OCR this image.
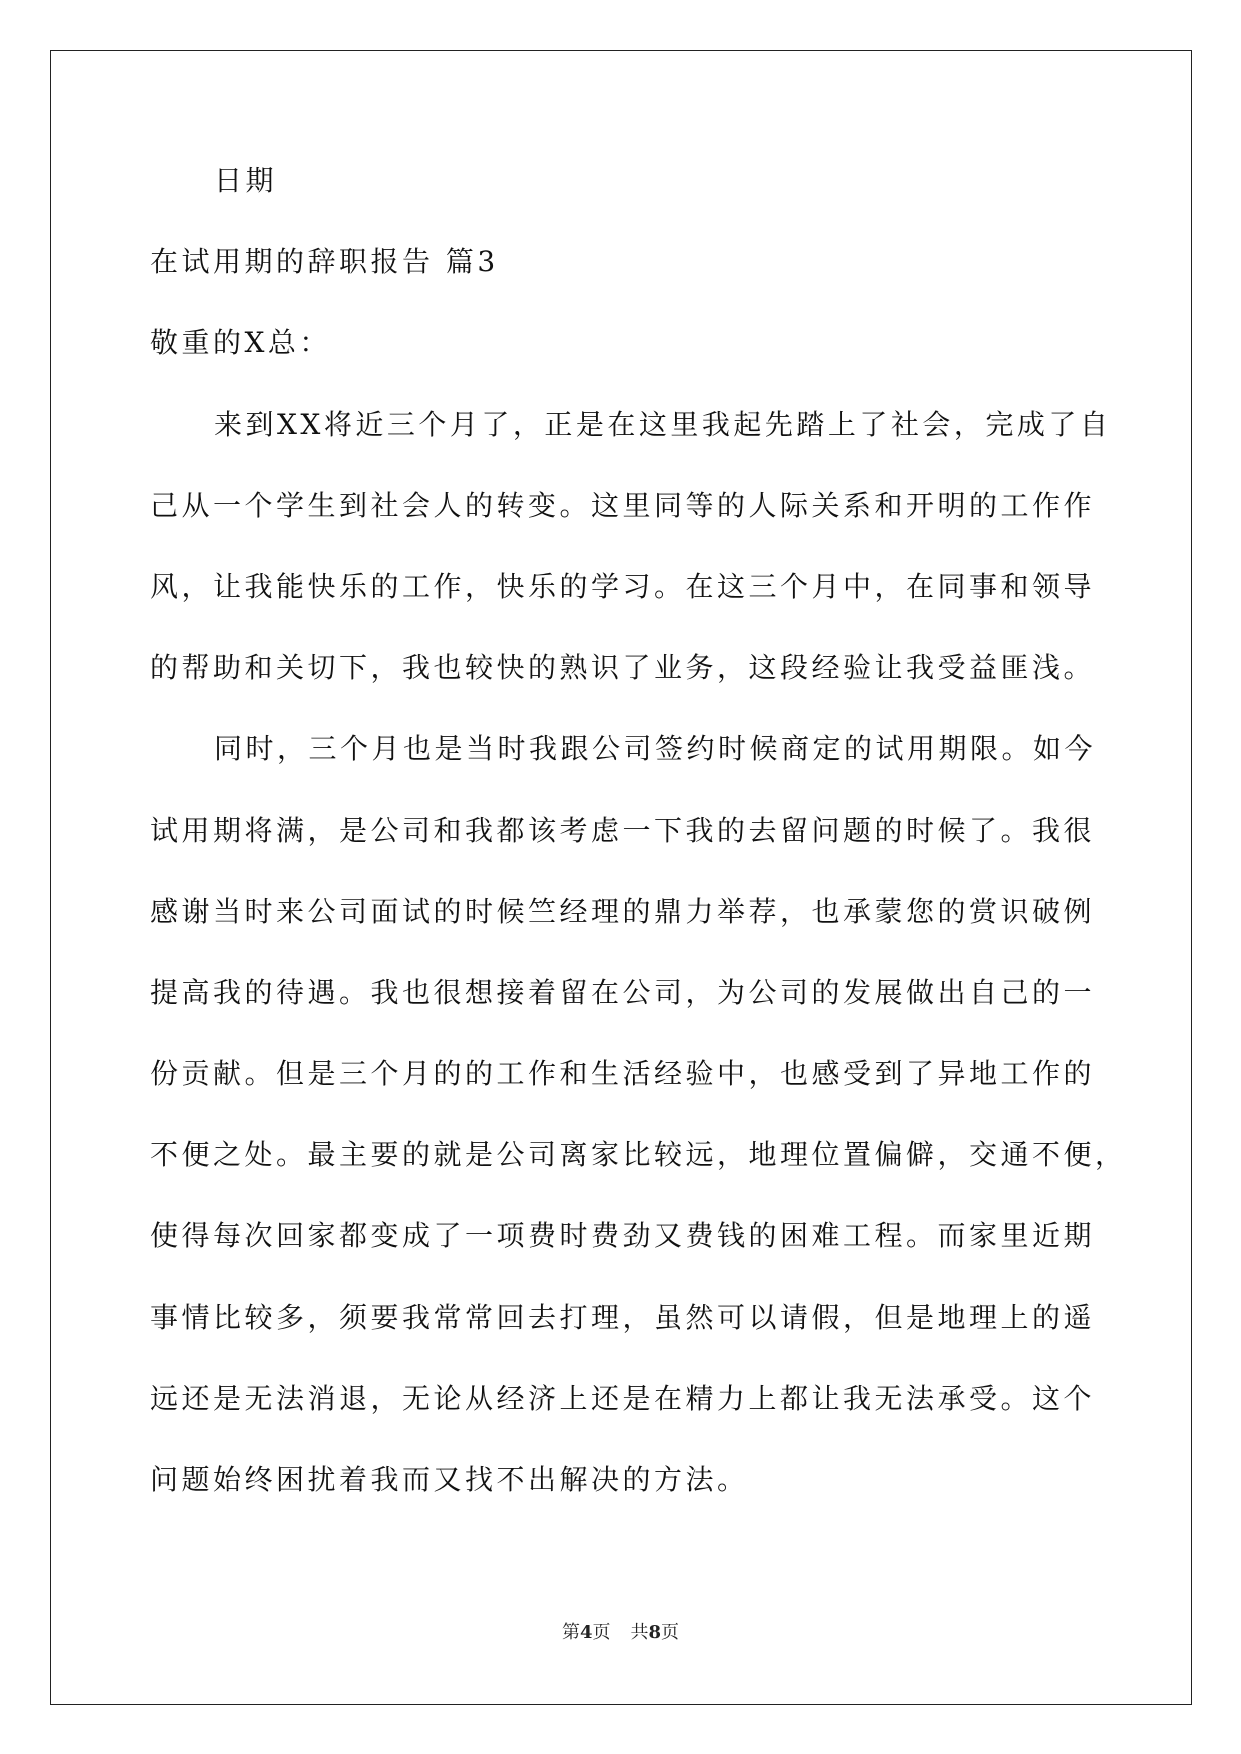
日期
在试用期的辞职报告 篇3
敬重的X总：
来到XX将近三个月了，正是在这里我起先踏上了社会，完成了自
己从一个学生到社会人的转变。这里同等的人际关系和开明的工作作
风，让我能快乐的工作，快乐的学习。在这三个月中，在同事和领导
的帮助和关切下，我也较快的熟识了业务，这段经验让我受益匪浅。
同时，三个月也是当时我跟公司签约时候商定的试用期限。如今
试用期将满，是公司和我都该考虑一下我的去留问题的时候了。我很
感谢当时来公司面试的时候竺经理的鼎力举荐，也承蒙您的赏识破例
提高我的待遇。我也很想接着留在公司，为公司的发展做出自己的一
份贡献。但是三个月的的工作和生活经验中，也感受到了异地工作的
不便之处。最主要的就是公司离家比较远，地理位置偏僻，交通不便，
使得每次回家都变成了一项费时费劲又费钱的困难工程。而家里近期
事情比较多，须要我常常回去打理，虽然可以请假，但是地理上的遥
远还是无法消退，无论从经济上还是在精力上都让我无法承受。这个
问题始终困扰着我而又找不出解决的方法。
第4页 共8页
